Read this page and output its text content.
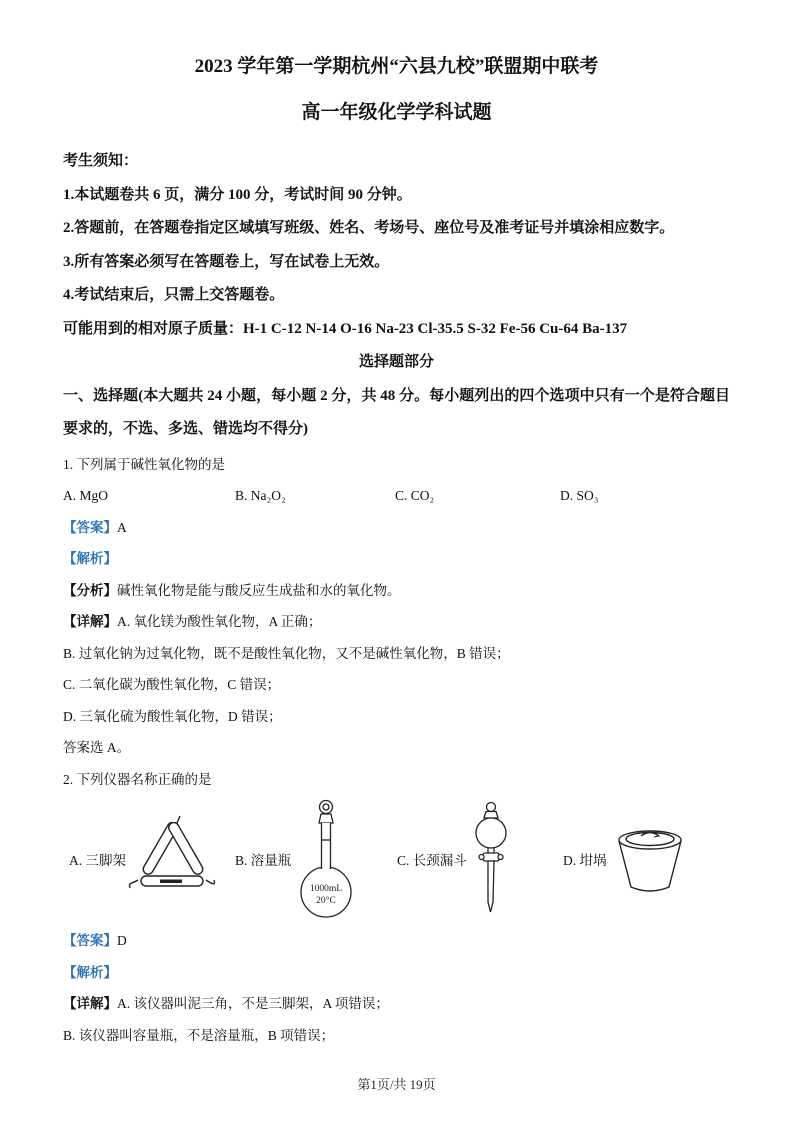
2023 学年第一学期杭州“六县九校”联盟期中联考
高一年级化学学科试题
考生须知：
1.本试题卷共 6 页，满分 100 分，考试时间 90 分钟。
2.答题前，在答题卷指定区域填写班级、姓名、考场号、座位号及准考证号并填涂相应数字。
3.所有答案必须写在答题卷上，写在试卷上无效。
4.考试结束后，只需上交答题卷。
可能用到的相对原子质量：H-1 C-12 N-14 O-16 Na-23 Cl-35.5 S-32 Fe-56 Cu-64 Ba-137
选择题部分
一、选择题(本大题共 24 小题，每小题 2 分，共 48 分。每小题列出的四个选项中只有一个是符合题目要求的，不选、多选、错选均不得分)
1. 下列属于碱性氧化物的是
A. MgO	B. Na₂O₂	C. CO₂	D. SO₃
【答案】A
【解析】
【分析】碱性氧化物是能与酸反应生成盐和水的氧化物。
【详解】A. 氧化镁为酸性氧化物，A 正确；
B. 过氧化钠为过氧化物，既不是酸性氧化物，又不是碱性氧化物，B 错误；
C. 二氧化碳为酸性氧化物，C 错误；
D. 三氧化硫为酸性氧化物，D 错误；
答案选 A。
2. 下列仪器名称正确的是
A. 三脚架	B. 溶量瓶
1000mL
20°C
C. 长颈漏斗	D. 坩埚
【答案】D
【解析】
【详解】A. 该仪器叫泥三角，不是三脚架，A 项错误；
B. 该仪器叫容量瓶，不是溶量瓶，B 项错误；
第1页/共 19页
